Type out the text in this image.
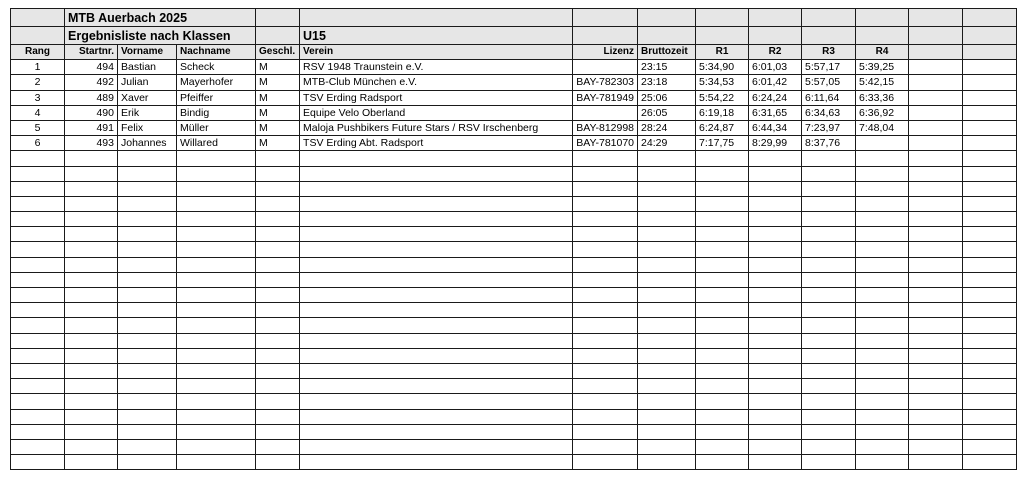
	MTB Auerbach 2025												
	Ergebnisliste nach Klassen				U15								
Rang	Startnr.	Vorname	Nachname	Geschl.	Verein	Lizenz	Bruttozeit	R1	R2	R3	R4		
1	494	Bastian	Scheck	M	RSV 1948 Traunstein e.V.		23:15	5:34,90	6:01,03	5:57,17	5:39,25		
2	492	Julian	Mayerhofer	M	MTB-Club München e.V.	BAY-782303	23:18	5:34,53	6:01,42	5:57,05	5:42,15		
3	489	Xaver	Pfeiffer	M	TSV Erding Radsport	BAY-781949	25:06	5:54,22	6:24,24	6:11,64	6:33,36		
4	490	Erik	Bindig	M	Equipe Velo Oberland		26:05	6:19,18	6:31,65	6:34,63	6:36,92		
5	491	Felix	Müller	M	Maloja Pushbikers Future Stars / RSV Irschenberg	BAY-812998	28:24	6:24,87	6:44,34	7:23,97	7:48,04		
6	493	Johannes	Willared	M	TSV Erding Abt. Radsport	BAY-781070	24:29	7:17,75	8:29,99	8:37,76			
